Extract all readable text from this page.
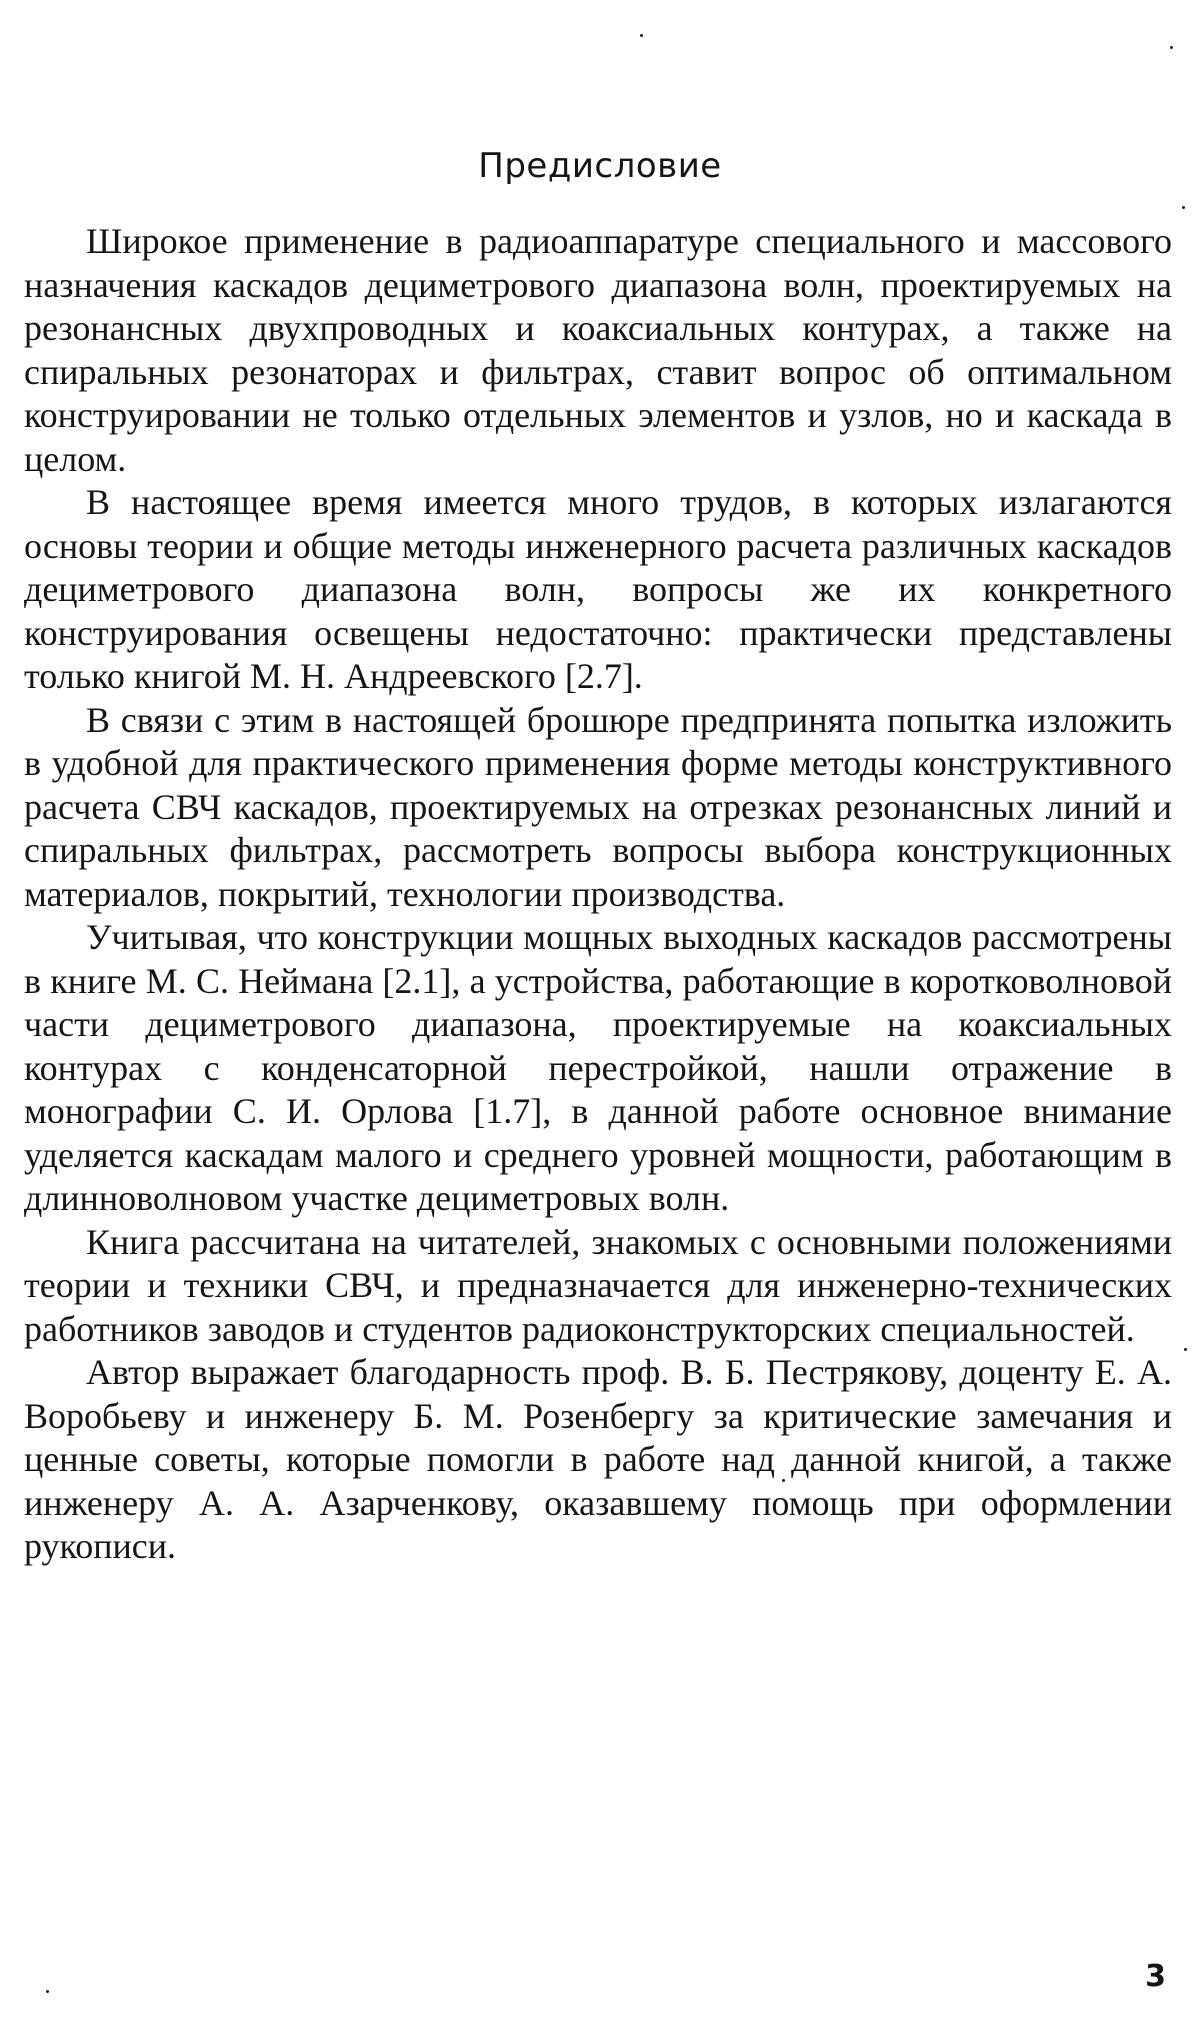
Предисловие

Широкое применение в радиоаппаратуре специального и массового назначения каскадов дециметрового диапазона волн, проектируемых на резонансных двухпроводных и коаксиальных контурах, а также на спиральных резонаторах и фильтрах, ставит вопрос об оптимальном конструировании не только отдельных элементов и узлов, но и каскада в целом.

В настоящее время имеется много трудов, в которых излагаются основы теории и общие методы инженерного расчета различных каскадов дециметрового диапазона волн, вопросы же их конкретного конструирования освещены недостаточно: практически представлены только книгой М. Н. Андреевского [2.7].

В связи с этим в настоящей брошюре предпринята попытка изложить в удобной для практического применения форме методы конструктивного расчета СВЧ каскадов, проектируемых на отрезках резонансных линий и спиральных фильтрах, рассмотреть вопросы выбора конструкционных материалов, покрытий, технологии производства.

Учитывая, что конструкции мощных выходных каскадов рассмотрены в книге М. С. Неймана [2.1], а устройства, работающие в коротковолновой части дециметрового диапазона, проектируемые на коаксиальных контурах с конденсаторной перестройкой, нашли отражение в монографии С. И. Орлова [1.7], в данной работе основное внимание уделяется каскадам малого и среднего уровней мощности, работающим в длинноволновом участке дециметровых волн.

Книга рассчитана на читателей, знакомых с основными положениями теории и техники СВЧ, и предназначается для инженерно-технических работников заводов и студентов радиоконструкторских специальностей.

Автор выражает благодарность проф. В. Б. Пестрякову, доценту Е. А. Воробьеву и инженеру Б. М. Розенбергу за критические замечания и ценные советы, которые помогли в работе над данной книгой, а также инженеру А. А. Азарченкову, оказавшему помощь при оформлении рукописи.

3
